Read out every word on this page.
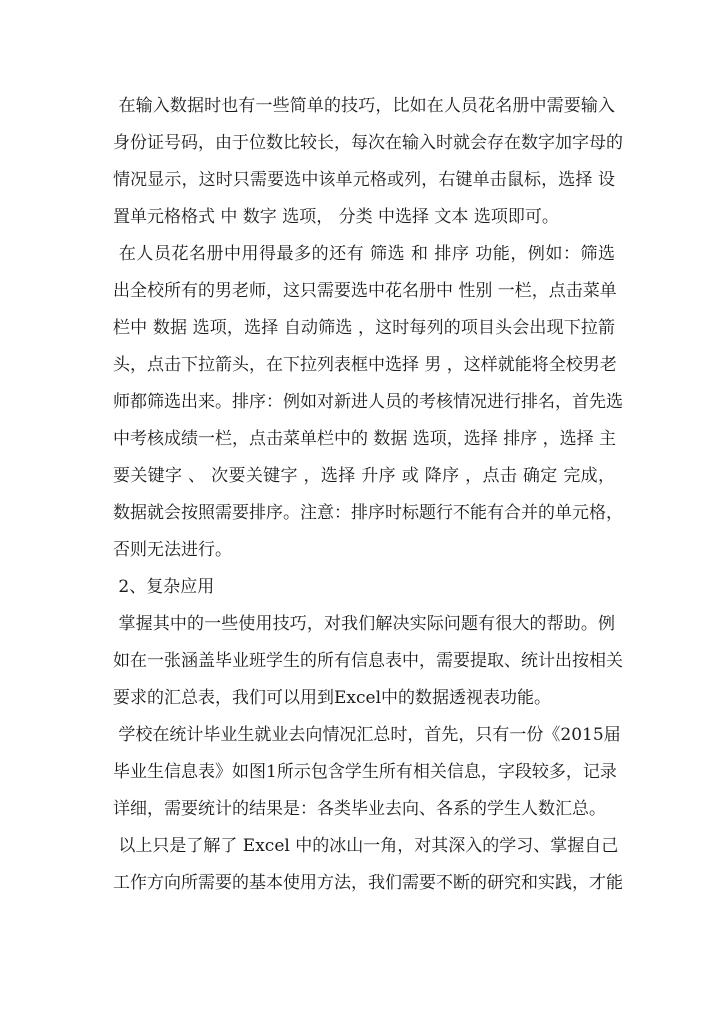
在输入数据时也有一些简单的技巧，比如在人员花名册中需要输入
身份证号码，由于位数比较长，每次在输入时就会存在数字加字母的
情况显示，这时只需要选中该单元格或列，右键单击鼠标，选择 设
置单元格格式 中 数字 选项， 分类 中选择 文本 选项即可。
在人员花名册中用得最多的还有 筛选 和 排序 功能，例如：筛选
出全校所有的男老师，这只需要选中花名册中 性别 一栏，点击菜单
栏中 数据 选项，选择 自动筛选 ，这时每列的项目头会出现下拉箭
头，点击下拉箭头，在下拉列表框中选择 男 ，这样就能将全校男老
师都筛选出来。排序：例如对新进人员的考核情况进行排名，首先选
中考核成绩一栏，点击菜单栏中的 数据 选项，选择 排序 ，选择 主
要关键字 、 次要关键字 ，选择 升序 或 降序 ，点击 确定 完成，
数据就会按照需要排序。注意：排序时标题行不能有合并的单元格，
否则无法进行。
2、复杂应用
掌握其中的一些使用技巧，对我们解决实际问题有很大的帮助。例
如在一张涵盖毕业班学生的所有信息表中，需要提取、统计出按相关
要求的汇总表，我们可以用到Excel中的数据透视表功能。
学校在统计毕业生就业去向情况汇总时，首先，只有一份《2015届
毕业生信息表》如图1所示包含学生所有相关信息，字段较多，记录
详细，需要统计的结果是：各类毕业去向、各系的学生人数汇总。
以上只是了解了 Excel 中的冰山一角，对其深入的学习、掌握自己
工作方向所需要的基本使用方法，我们需要不断的研究和实践，才能
